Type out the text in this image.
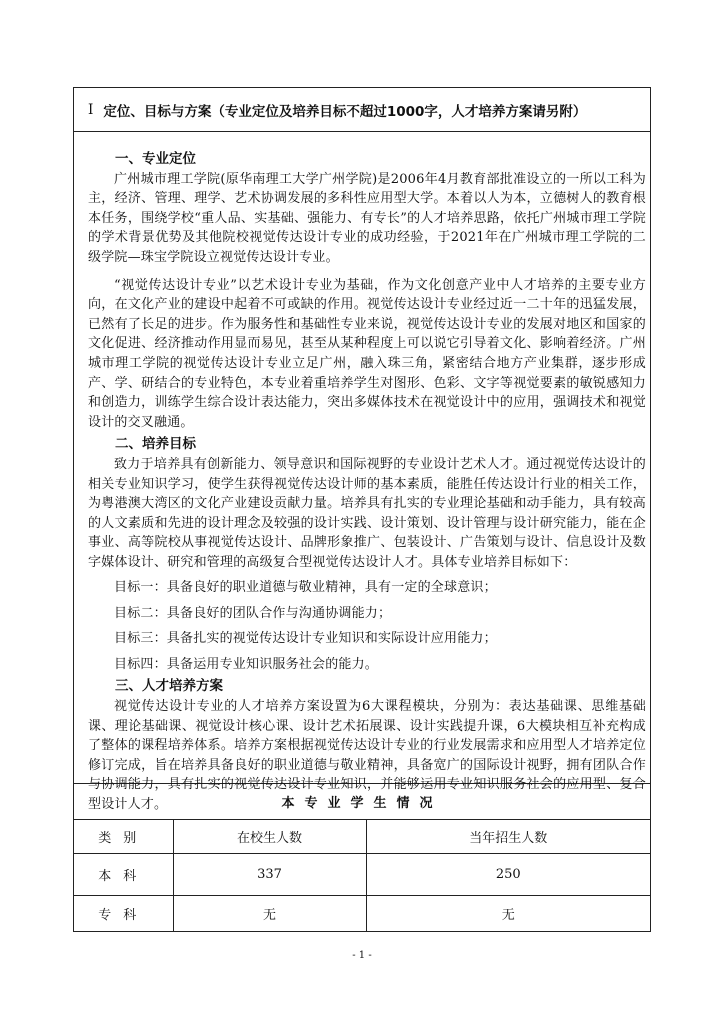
Ⅰ 定位、目标与方案（专业定位及培养目标不超过1000字，人才培养方案请另附）
一、专业定位

广州城市理工学院(原华南理工大学广州学院)是2006年4月教育部批准设立的一所以工科为主，经济、管理、理学、艺术协调发展的多科性应用型大学。本着以人为本，立德树人的教育根本任务，围绕学校“重人品、实基础、强能力、有专长”的人才培养思路，依托广州城市理工学院的学术背景优势及其他院校视觉传达设计专业的成功经验，于2021年在广州城市理工学院的二级学院—珠宝学院设立视觉传达设计专业。

“视觉传达设计专业”以艺术设计专业为基础，作为文化创意产业中人才培养的主要专业方向，在文化产业的建设中起着不可或缺的作用。视觉传达设计专业经过近一二十年的迅猛发展，已然有了长足的进步。作为服务性和基础性专业来说，视觉传达设计专业的发展对地区和国家的文化促进、经济推动作用显而易见，甚至从某种程度上可以说它引导着文化、影响着经济。广州城市理工学院的视觉传达设计专业立足广州，融入珠三角，紧密结合地方产业集群，逐步形成产、学、研结合的专业特色，本专业着重培养学生对图形、色彩、文字等视觉要素的敏锐感知力和创造力，训练学生综合设计表达能力，突出多媒体技术在视觉设计中的应用，强调技术和视觉设计的交叉融通。

二、培养目标

致力于培养具有创新能力、领导意识和国际视野的专业设计艺术人才。通过视觉传达设计的相关专业知识学习，使学生获得视觉传达设计师的基本素质，能胜任传达设计行业的相关工作，为粤港澳大湾区的文化产业建设贡献力量。培养具有扎实的专业理论基础和动手能力，具有较高的人文素质和先进的设计理念及较强的设计实践、设计策划、设计管理与设计研究能力，能在企事业、高等院校从事视觉传达设计、品牌形象推广、包装设计、广告策划与设计、信息设计及数字媒体设计、研究和管理的高级复合型视觉传达设计人才。具体专业培养目标如下：

目标一：具备良好的职业道德与敬业精神，具有一定的全球意识；

目标二：具备良好的团队合作与沟通协调能力；

目标三：具备扎实的视觉传达设计专业知识和实际设计应用能力；

目标四：具备运用专业知识服务社会的能力。

三、人才培养方案

视觉传达设计专业的人才培养方案设置为6大课程模块，分别为：表达基础课、思维基础课、理论基础课、视觉设计核心课、设计艺术拓展课、设计实践提升课，6大模块相互补充构成了整体的课程培养体系。培养方案根据视觉传达设计专业的行业发展需求和应用型人才培养定位修订完成，旨在培养具备良好的职业道德与敬业精神，具备宽广的国际设计视野，拥有团队合作与协调能力，具有扎实的视觉传达设计专业知识，并能够运用专业知识服务社会的应用型、复合型设计人才。	本专业学生情况		
类别	在校生人数	当年招生人数
本科	337	250
专科	无	无
- 1 -
